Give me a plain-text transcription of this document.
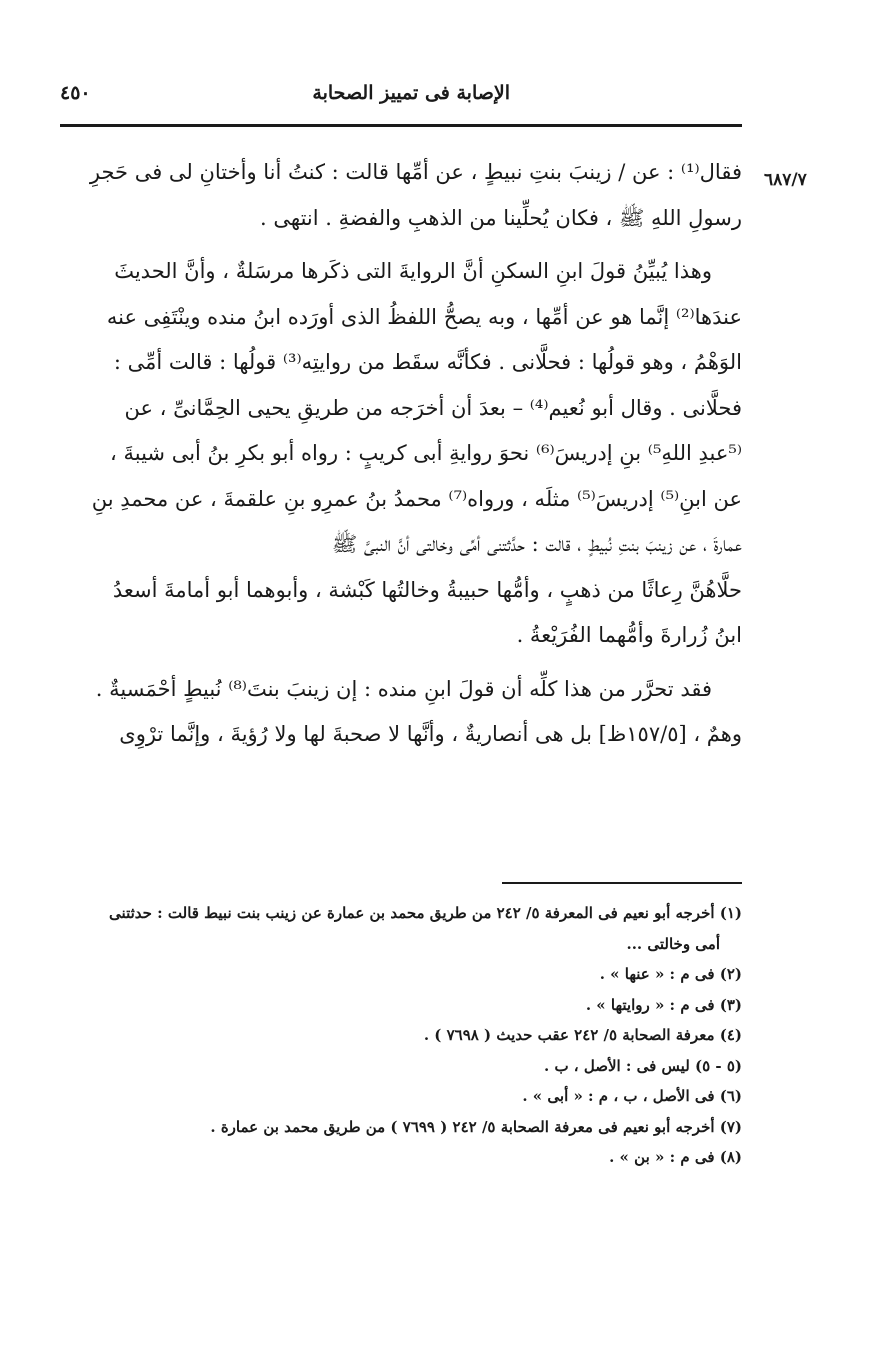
الإصابة فى تمييز الصحابة
٤٥٠
٦٨٧/٧

فقال⁽¹⁾ : عن / زينبَ بنتِ نبيطٍ ، عن أمِّها قالت : كنتُ أنا وأختانِ لى فى حَجرِ

رسولِ اللهِ ﷺ ، فكان يُحلِّينا من الذهبِ والفضةِ . انتهى .

وهذا يُبيِّنُ قولَ ابنِ السكنِ أنَّ الروايةَ التى ذكَرها مرسَلةٌ ، وأنَّ الحديثَ

عندَها⁽²⁾ إنَّما هو عن أمِّها ، وبه يصحُّ اللفظُ الذى أورَده ابنُ منده وينْتَفِى عنه

الوَهْمُ ، وهو قولُها : فحلَّانى . فكأنَّه سقَط من روايتِه⁽³⁾ قولُها : قالت أمِّى :

فحلَّانى . وقال أبو نُعيم⁽⁴⁾ – بعدَ أن أخرَجه من طريقِ يحيى الحِمَّانىِّ ، عن

⁽⁵عبدِ اللهِ⁵⁾ بنِ إدريسَ⁽⁶⁾ نحوَ روايةِ أبى كريبٍ : رواه أبو بكرِ بنُ أبى شيبةَ ،

عن ابنِ⁽⁵⁾ إدريسَ⁽⁵⁾ مثلَه ، ورواه⁽⁷⁾ محمدُ بنُ عمرِو بنِ علقمةَ ، عن محمدِ بنِ

عمارةَ ، عن زينبَ بنتِ نُبيطٍ ، قالت : حدَّثتنى أمِّى وخالتى أنَّ النبىَّ ﷺ

حلَّاهُنَّ رِعاثًا من ذهبٍ ، وأمُّها حبيبةُ وخالتُها كَبْشة ، وأبوهما أبو أمامةَ أسعدُ

ابنُ زُرارةَ وأمُّهما الفُرَيْعةُ .

فقد تحرَّر من هذا كلِّه أن قولَ ابنِ منده : إن زينبَ بنتَ⁽⁸⁾ نُبيطٍ أحْمَسيةٌ .

وهمٌ ، [١٥٧/٥ظ] بل هى أنصاريةٌ ، وأنَّها لا صحبةَ لها ولا رُؤيةَ ، وإنَّما ترْوِى

(١) أخرجه أبو نعيم فى المعرفة ٥/ ٢٤٢ من طريق محمد بن عمارة عن زينب بنت نبيط قالت : حدثتنى

أمى وخالتى ...

(٢) فى م : « عنها » .

(٣) فى م : « روايتها » .

(٤) معرفة الصحابة ٥/ ٢٤٢ عقب حديث ( ٧٦٩٨ ) .

(٥ - ٥) ليس فى : الأصل ، ب .

(٦) فى الأصل ، ب ، م : « أبى » .

(٧) أخرجه أبو نعيم فى معرفة الصحابة ٥/ ٢٤٢ ( ٧٦٩٩ ) من طريق محمد بن عمارة .

(٨) فى م : « بن » .
